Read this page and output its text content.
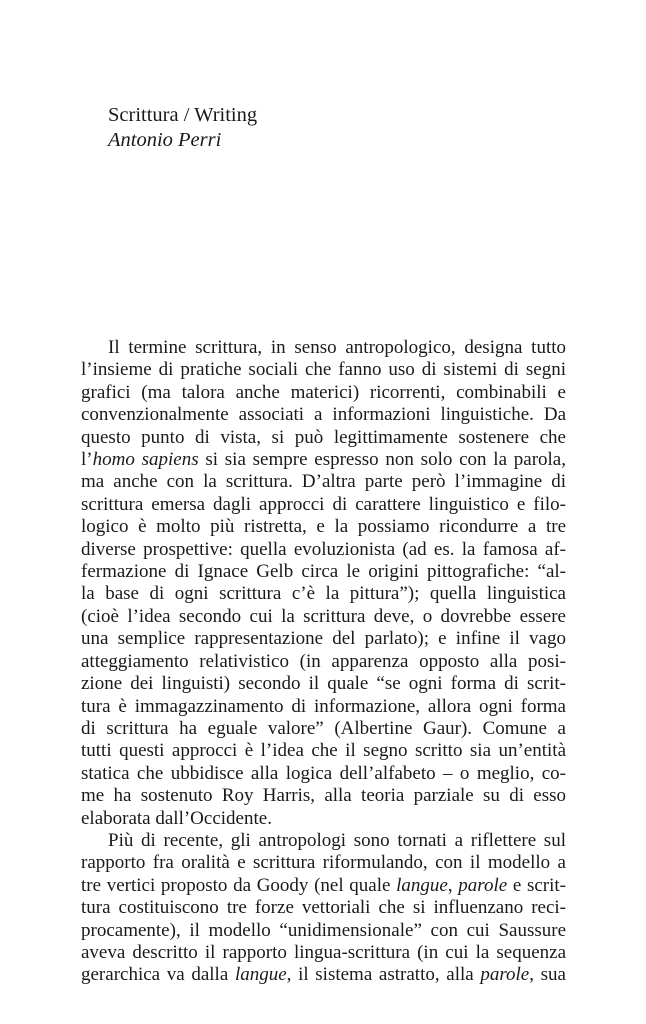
Scrittura / Writing
Antonio Perri
Il termine scrittura, in senso antropologico, designa tutto
l’insieme di pratiche sociali che fanno uso di sistemi di segni
grafici (ma talora anche materici) ricorrenti, combinabili e
convenzionalmente associati a informazioni linguistiche. Da
questo punto di vista, si può legittimamente sostenere che
l’homo sapiens si sia sempre espresso non solo con la parola,
ma anche con la scrittura. D’altra parte però l’immagine di
scrittura emersa dagli approcci di carattere linguistico e filo-
logico è molto più ristretta, e la possiamo ricondurre a tre
diverse prospettive: quella evoluzionista (ad es. la famosa af-
fermazione di Ignace Gelb circa le origini pittografiche: “al-
la base di ogni scrittura c’è la pittura”); quella linguistica
(cioè l’idea secondo cui la scrittura deve, o dovrebbe essere
una semplice rappresentazione del parlato); e infine il vago
atteggiamento relativistico (in apparenza opposto alla posi-
zione dei linguisti) secondo il quale “se ogni forma di scrit-
tura è immagazzinamento di informazione, allora ogni forma
di scrittura ha eguale valore” (Albertine Gaur). Comune a
tutti questi approcci è l’idea che il segno scritto sia un’entità
statica che ubbidisce alla logica dell’alfabeto – o meglio, co-
me ha sostenuto Roy Harris, alla teoria parziale su di esso
elaborata dall’Occidente.
Più di recente, gli antropologi sono tornati a riflettere sul
rapporto fra oralità e scrittura riformulando, con il modello a
tre vertici proposto da Goody (nel quale langue, parole e scrit-
tura costituiscono tre forze vettoriali che si influenzano reci-
procamente), il modello “unidimensionale” con cui Saussure
aveva descritto il rapporto lingua-scrittura (in cui la sequenza
gerarchica va dalla langue, il sistema astratto, alla parole, sua
